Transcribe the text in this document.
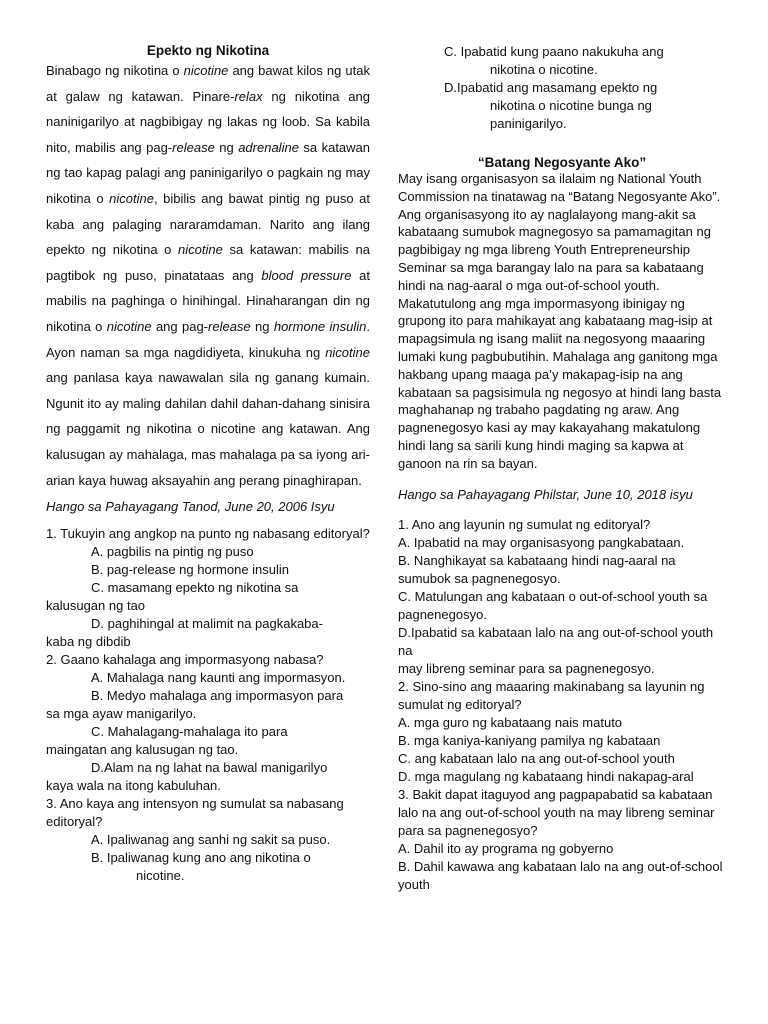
Epekto ng Nikotina

Binabago ng nikotina o nicotine ang bawat kilos ng utak at galaw ng katawan. Pinare-relax ng nikotina ang naninigarilyo at nagbibigay ng lakas ng loob. Sa kabila nito, mabilis ang pag-release ng adrenaline sa katawan ng tao kapag palagi ang paninigarilyo o pagkain ng may nikotina o nicotine, bibilis ang bawat pintig ng puso at kaba ang palaging nararamdaman. Narito ang ilang epekto ng nikotina o nicotine sa katawan: mabilis na pagtibok ng puso, pinatataas ang blood pressure at mabilis na paghinga o hinihingal. Hinaharangan din ng nikotina o nicotine ang pag-release ng hormone insulin. Ayon naman sa mga nagdidiyeta, kinukuha ng nicotine ang panlasa kaya nawawalan sila ng ganang kumain. Ngunit ito ay maling dahilan dahil dahan-dahang sinisira ng paggamit ng nikotina o nicotine ang katawan. Ang kalusugan ay mahalaga, mas mahalaga pa sa iyong ari-arian kaya huwag aksayahin ang perang pinaghirapan.

Hango sa Pahayagang Tanod, June 20, 2006 Isyu

1. Tukuyin ang angkop na punto ng nabasang editoryal?

A. pagbilis na pintig ng puso

B. pag-release ng hormone insulin

C. masamang epekto ng nikotina sa
kalusugan ng tao

D. paghihingal at malimit na pagkakaba-
kaba ng dibdib

2. Gaano kahalaga ang impormasyong nabasa?

A. Mahalaga nang kaunti ang impormasyon.

B. Medyo mahalaga ang impormasyon para
sa mga ayaw manigarilyo.

C. Mahalagang-mahalaga ito para
maingatan ang kalusugan ng tao.

D.Alam na ng lahat na bawal manigarilyo
kaya wala na itong kabuluhan.

3. Ano kaya ang intensyon ng sumulat sa nabasang editoryal?

A. Ipaliwanag ang sanhi ng sakit sa puso.

B. Ipaliwanag kung ano ang nikotina o
nicotine.

C. Ipabatid kung paano nakukuha ang
nikotina o nicotine.

D.Ipabatid ang masamang epekto ng
nikotina o nicotine bunga ng
paninigarilyo.

“Batang Negosyante Ako”

May isang organisasyon sa ilalaim ng National Youth Commission na tinatawag na “Batang Negosyante Ako”. Ang organisasyong ito ay naglalayong mang-akit sa kabataang sumubok magnegosyo sa pamamagitan ng pagbibigay ng mga libreng Youth Entrepreneurship Seminar sa mga barangay lalo na para sa kabataang hindi na nag-aaral o mga out-of-school youth. Makatutulong ang mga impormasyong ibinigay ng grupong ito para mahikayat ang kabataang mag-isip at mapagsimula ng isang maliit na negosyong maaaring lumaki kung pagbubutihin. Mahalaga ang ganitong mga hakbang upang maaga pa’y makapag-isip na ang kabataan sa pagsisimula ng negosyo at hindi lang basta maghahanap ng trabaho pagdating ng araw. Ang pagnenegosyo kasi ay may kakayahang makatulong hindi lang sa sarili kung hindi maging sa kapwa at ganoon na rin sa bayan.

Hango sa Pahayagang Philstar, June 10, 2018 isyu

1. Ano ang layunin ng sumulat ng editoryal?

A. Ipabatid na may organisasyong pangkabataan.

B. Nanghikayat sa kabataang hindi nag-aaral na sumubok sa pagnenegosyo.

C. Matulungan ang kabataan o out-of-school youth sa pagnenegosyo.

D.Ipabatid sa kabataan lalo na ang out-of-school youth na

may libreng seminar para sa pagnenegosyo.

2. Sino-sino ang maaaring makinabang sa layunin ng sumulat ng editoryal?

A. mga guro ng kabataang nais matuto

B. mga kaniya-kaniyang pamilya ng kabataan

C. ang kabataan lalo na ang out-of-school youth

D. mga magulang ng kabataang hindi nakapag-aral

3. Bakit dapat itaguyod ang pagpapabatid sa kabataan lalo na ang out-of-school youth na may libreng seminar para sa pagnenegosyo?

A. Dahil ito ay programa ng gobyerno

B. Dahil kawawa ang kabataan lalo na ang out-of-school

youth
